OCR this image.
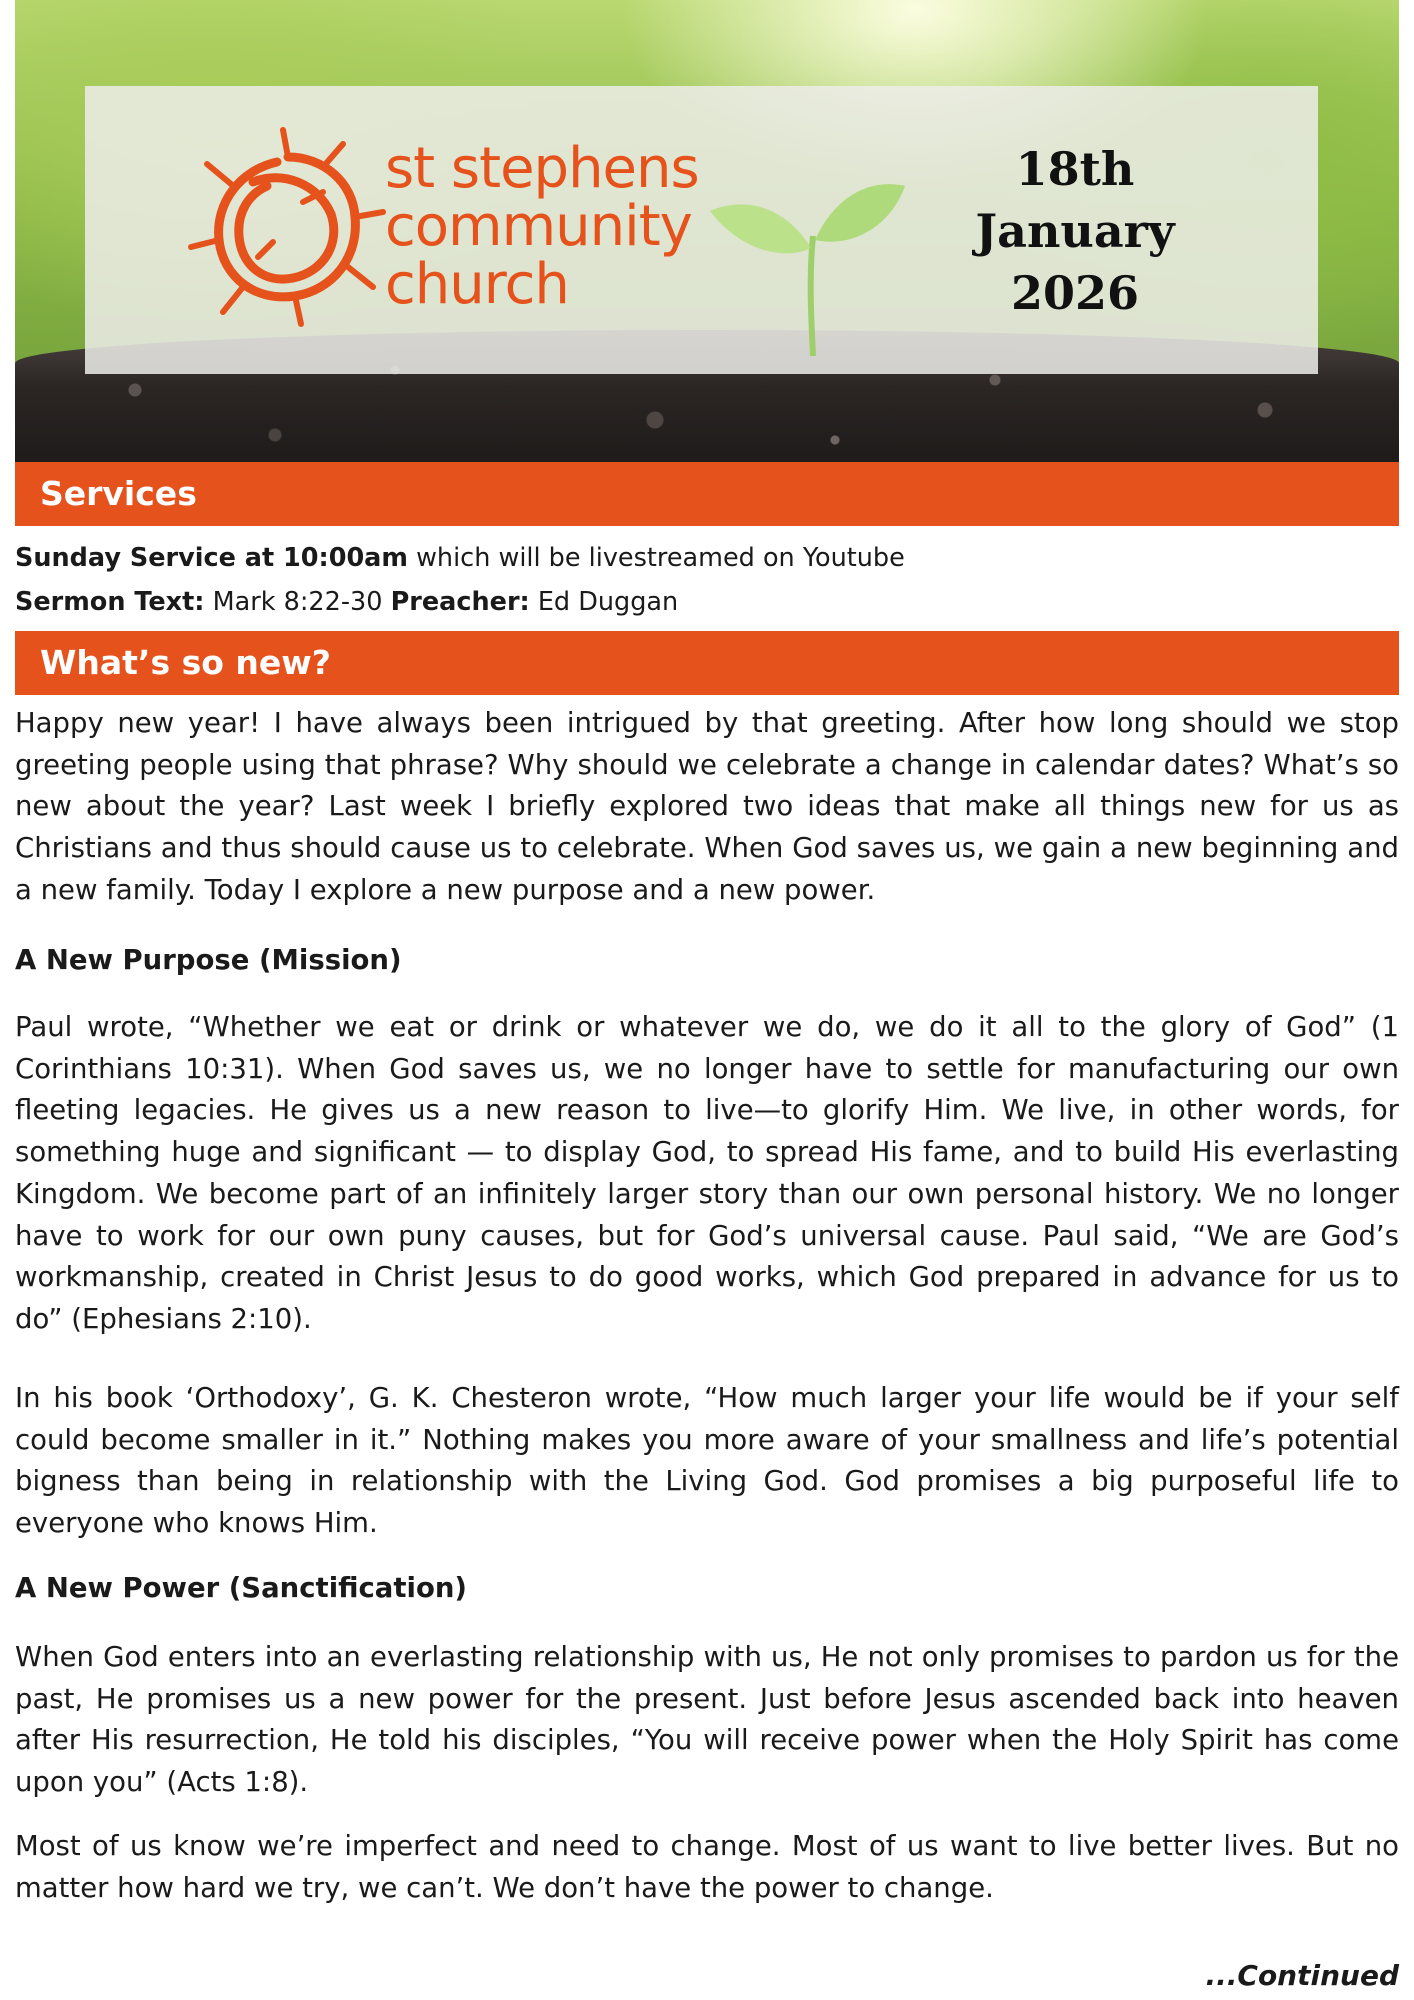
st stephens
community
church
18th
January
2026
Services
Sunday Service at 10:00am which will be livestreamed on Youtube
Sermon Text: Mark 8:22-30 Preacher: Ed Duggan
What’s so new?

Happy new year! I have always been intrigued by that greeting. After how long should we stop greeting people using that phrase? Why should we celebrate a change in calendar dates? What’s so new about the year? Last week I briefly explored two ideas that make all things new for us as Christians and thus should cause us to celebrate. When God saves us, we gain a new beginning and a new family. Today I explore a new purpose and a new power.

A New Purpose (Mission)

Paul wrote, “Whether we eat or drink or whatever we do, we do it all to the glory of God” (1 Corinthians 10:31). When God saves us, we no longer have to settle for manufacturing our own fleeting legacies. He gives us a new reason to live—to glorify Him. We live, in other words, for something huge and significant — to display God, to spread His fame, and to build His everlasting Kingdom. We become part of an infinitely larger story than our own personal history. We no longer have to work for our own puny causes, but for God’s universal cause. Paul said, “We are God’s workmanship, created in Christ Jesus to do good works, which God prepared in advance for us to do” (Ephesians 2:10).

In his book ‘Orthodoxy’, G. K. Chesteron wrote, “How much larger your life would be if your self could become smaller in it.” Nothing makes you more aware of your smallness and life’s potential bigness than being in relationship with the Living God. God promises a big purposeful life to everyone who knows Him.

A New Power (Sanctification)

When God enters into an everlasting relationship with us, He not only promises to pardon us for the past, He promises us a new power for the present. Just before Jesus ascended back into heaven after His resurrection, He told his disciples, “You will receive power when the Holy Spirit has come upon you” (Acts 1:8).

Most of us know we’re imperfect and need to change. Most of us want to live better lives. But no matter how hard we try, we can’t. We don’t have the power to change.

...Continued
